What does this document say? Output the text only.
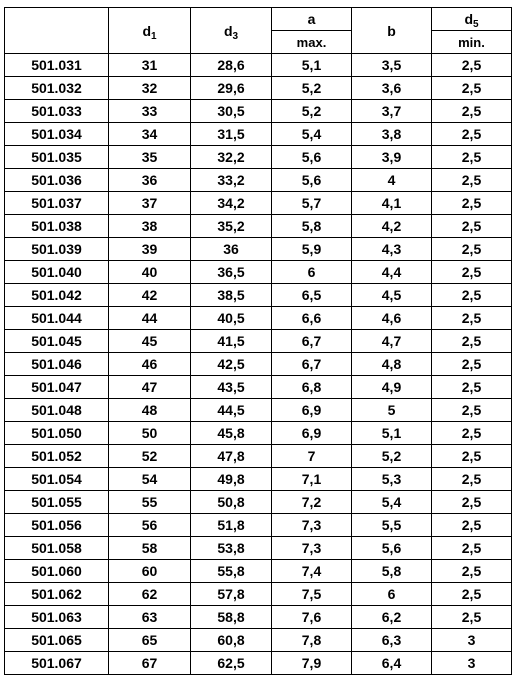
	$d_1$	$d_3$	a	b	$d_5$
			max.		min.
501.031	31	28,6	5,1	3,5	2,5
501.032	32	29,6	5,2	3,6	2,5
501.033	33	30,5	5,2	3,7	2,5
501.034	34	31,5	5,4	3,8	2,5
501.035	35	32,2	5,6	3,9	2,5
501.036	36	33,2	5,6	4	2,5
501.037	37	34,2	5,7	4,1	2,5
501.038	38	35,2	5,8	4,2	2,5
501.039	39	36	5,9	4,3	2,5
501.040	40	36,5	6	4,4	2,5
501.042	42	38,5	6,5	4,5	2,5
501.044	44	40,5	6,6	4,6	2,5
501.045	45	41,5	6,7	4,7	2,5
501.046	46	42,5	6,7	4,8	2,5
501.047	47	43,5	6,8	4,9	2,5
501.048	48	44,5	6,9	5	2,5
501.050	50	45,8	6,9	5,1	2,5
501.052	52	47,8	7	5,2	2,5
501.054	54	49,8	7,1	5,3	2,5
501.055	55	50,8	7,2	5,4	2,5
501.056	56	51,8	7,3	5,5	2,5
501.058	58	53,8	7,3	5,6	2,5
501.060	60	55,8	7,4	5,8	2,5
501.062	62	57,8	7,5	6	2,5
501.063	63	58,8	7,6	6,2	2,5
501.065	65	60,8	7,8	6,3	3
501.067	67	62,5	7,9	6,4	3
